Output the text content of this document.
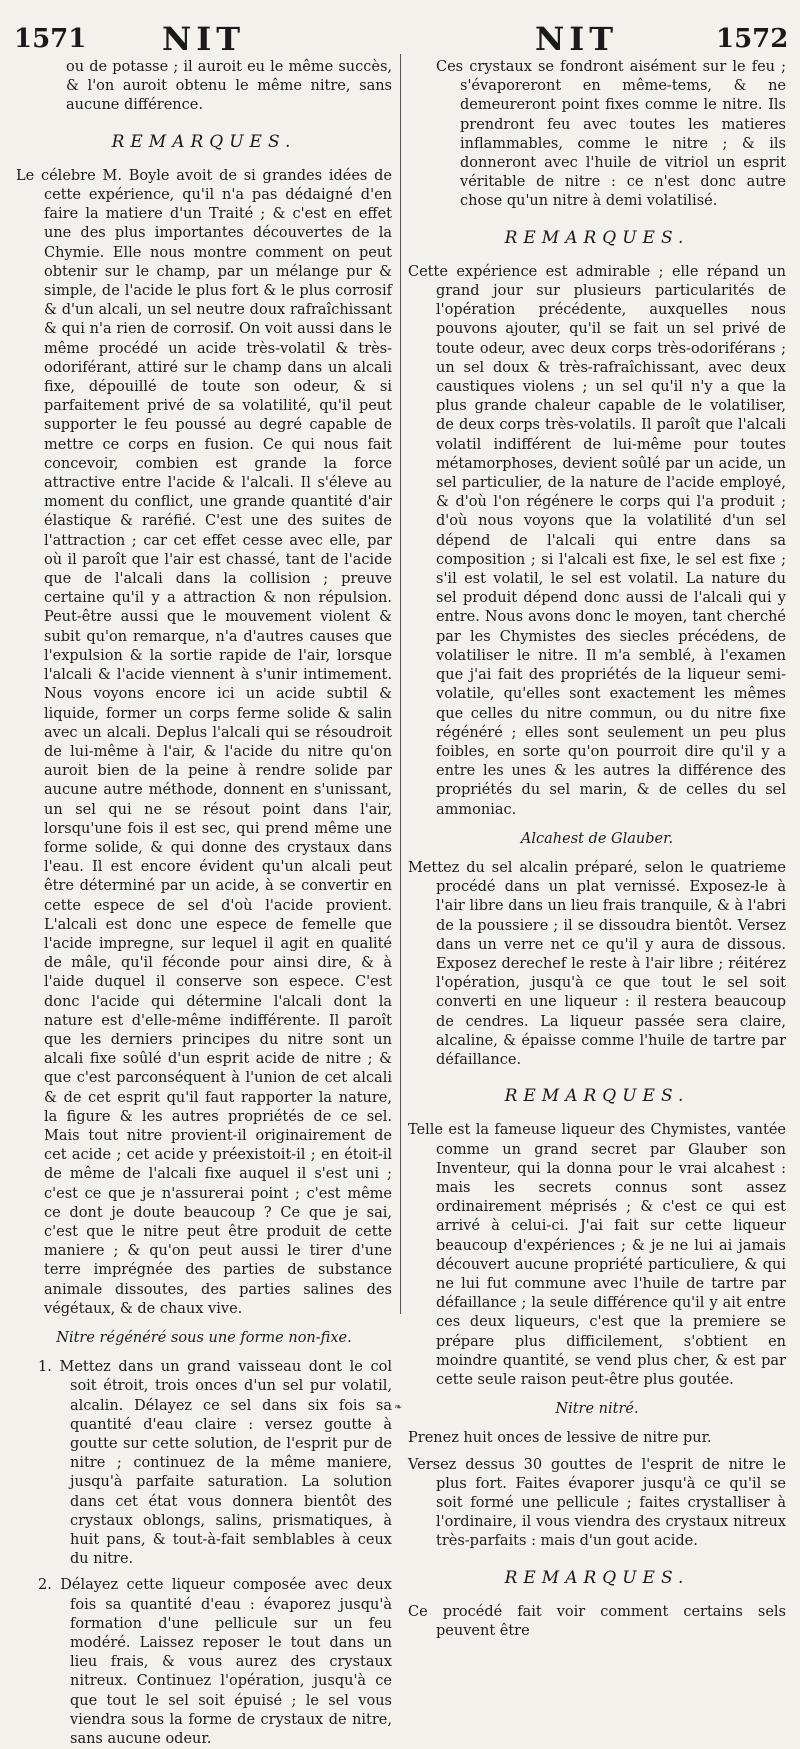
1571 NIT	NIT	1572

ou de potasse ; il auroit eu le même succès, & l'on auroit obtenu le même nitre, sans aucune différence.

REMARQUES.

Le célebre M. Boyle avoit de si grandes idées de cette expérience, qu'il n'a pas dédaigné d'en faire la matiere d'un Traité ; & c'est en effet une des plus importantes découvertes de la Chymie. Elle nous montre comment on peut obtenir sur le champ, par un mélange pur & simple, de l'acide le plus fort & le plus corrosif & d'un alcali, un sel neutre doux rafraîchissant & qui n'a rien de corrosif. On voit aussi dans le même procédé un acide très-volatil & très-odoriférant, attiré sur le champ dans un alcali fixe, dépouillé de toute son odeur, & si parfaitement privé de sa volatilité, qu'il peut supporter le feu poussé au degré capable de mettre ce corps en fusion. Ce qui nous fait concevoir, combien est grande la force attractive entre l'acide & l'alcali. Il s'éleve au moment du conflict, une grande quantité d'air élastique & raréfié. C'est une des suites de l'attraction ; car cet effet cesse avec elle, par où il paroît que l'air est chassé, tant de l'acide que de l'alcali dans la collision ; preuve certaine qu'il y a attraction & non répulsion. Peut-être aussi que le mouvement violent & subit qu'on remarque, n'a d'autres causes que l'expulsion & la sortie rapide de l'air, lorsque l'alcali & l'acide viennent à s'unir intimement. Nous voyons encore ici un acide subtil & liquide, former un corps ferme solide & salin avec un alcali. Deplus l'alcali qui se résoudroit de lui-même à l'air, & l'acide du nitre qu'on auroit bien de la peine à rendre solide par aucune autre méthode, donnent en s'unissant, un sel qui ne se résout point dans l'air, lorsqu'une fois il est sec, qui prend même une forme solide, & qui donne des crystaux dans l'eau. Il est encore évident qu'un alcali peut être déterminé par un acide, à se convertir en cette espece de sel d'où l'acide provient. L'alcali est donc une espece de femelle que l'acide impregne, sur lequel il agit en qualité de mâle, qu'il féconde pour ainsi dire, & à l'aide duquel il conserve son espece. C'est donc l'acide qui détermine l'alcali dont la nature est d'elle-même indifférente. Il paroît que les derniers principes du nitre sont un alcali fixe soûlé d'un esprit acide de nitre ; & que c'est parconséquent à l'union de cet alcali & de cet esprit qu'il faut rapporter la nature, la figure & les autres propriétés de ce sel. Mais tout nitre provient-il originairement de cet acide ; cet acide y préexistoit-il ; en étoit-il de même de l'alcali fixe auquel il s'est uni ; c'est ce que je n'assurerai point ; c'est même ce dont je doute beaucoup ? Ce que je sai, c'est que le nitre peut être produit de cette maniere ; & qu'on peut aussi le tirer d'une terre imprégnée des parties de substance animale dissoutes, des parties salines des végétaux, & de chaux vive.

Nitre régénéré sous une forme non-fixe.

1. Mettez dans un grand vaisseau dont le col soit étroit, trois onces d'un sel pur volatil, alcalin. Délayez ce sel dans six fois sa quantité d'eau claire : versez goutte à goutte sur cette solution, de l'esprit pur de nitre ; continuez de la même maniere, jusqu'à parfaite saturation. La solution dans cet état vous donnera bientôt des crystaux oblongs, salins, prismatiques, à huit pans, & tout-à-fait semblables à ceux du nitre.

2. Délayez cette liqueur composée avec deux fois sa quantité d'eau : évaporez jusqu'à formation d'une pellicule sur un feu modéré. Laissez reposer le tout dans un lieu frais, & vous aurez des crystaux nitreux. Continuez l'opération, jusqu'à ce que tout le sel soit épuisé ; le sel vous viendra sous la forme de crystaux de nitre, sans aucune odeur.

Ces crystaux se fondront aisément sur le feu ; s'évaporeront en même-tems, & ne demeureront point fixes comme le nitre. Ils prendront feu avec toutes les matieres inflammables, comme le nitre ; & ils donneront avec l'huile de vitriol un esprit véritable de nitre : ce n'est donc autre chose qu'un nitre à demi volatilisé.

REMARQUES.

Cette expérience est admirable ; elle répand un grand jour sur plusieurs particularités de l'opération précédente, auxquelles nous pouvons ajouter, qu'il se fait un sel privé de toute odeur, avec deux corps très-odoriférans ; un sel doux & très-rafraîchissant, avec deux caustiques violens ; un sel qu'il n'y a que la plus grande chaleur capable de le volatiliser, de deux corps très-volatils. Il paroît que l'alcali volatil indifférent de lui-même pour toutes métamorphoses, devient soûlé par un acide, un sel particulier, de la nature de l'acide employé, & d'où l'on régénere le corps qui l'a produit ; d'où nous voyons que la volatilité d'un sel dépend de l'alcali qui entre dans sa composition ; si l'alcali est fixe, le sel est fixe ; s'il est volatil, le sel est volatil. La nature du sel produit dépend donc aussi de l'alcali qui y entre. Nous avons donc le moyen, tant cherché par les Chymistes des siecles précédens, de volatiliser le nitre. Il m'a semblé, à l'examen que j'ai fait des propriétés de la liqueur semi-volatile, qu'elles sont exactement les mêmes que celles du nitre commun, ou du nitre fixe régénéré ; elles sont seulement un peu plus foibles, en sorte qu'on pourroit dire qu'il y a entre les unes & les autres la différence des propriétés du sel marin, & de celles du sel ammoniac.

Alcahest de Glauber.

Mettez du sel alcalin préparé, selon le quatrieme procédé dans un plat vernissé. Exposez-le à l'air libre dans un lieu frais tranquile, & à l'abri de la poussiere ; il se dissoudra bientôt. Versez dans un verre net ce qu'il y aura de dissous. Exposez derechef le reste à l'air libre ; réitérez l'opération, jusqu'à ce que tout le sel soit converti en une liqueur : il restera beaucoup de cendres. La liqueur passée sera claire, alcaline, & épaisse comme l'huile de tartre par défaillance.

REMARQUES.

Telle est la fameuse liqueur des Chymistes, vantée comme un grand secret par Glauber son Inventeur, qui la donna pour le vrai alcahest : mais les secrets connus sont assez ordinairement méprisés ; & c'est ce qui est arrivé à celui-ci. J'ai fait sur cette liqueur beaucoup d'expériences ; & je ne lui ai jamais découvert aucune propriété particuliere, & qui ne lui fut commune avec l'huile de tartre par défaillance ; la seule différence qu'il y ait entre ces deux liqueurs, c'est que la premiere se prépare plus difficilement, s'obtient en moindre quantité, se vend plus cher, & est par cette seule raison peut-être plus goutée.

Nitre nitré.

Prenez huit onces de lessive de nitre pur.

Versez dessus 30 gouttes de l'esprit de nitre le plus fort. Faites évaporer jusqu'à ce qu'il se soit formé une pellicule ; faites crystalliser à l'ordinaire, il vous viendra des crystaux nitreux très-parfaits : mais d'un gout acide.

REMARQUES.

Ce procédé fait voir comment certains sels peuvent être

❧
